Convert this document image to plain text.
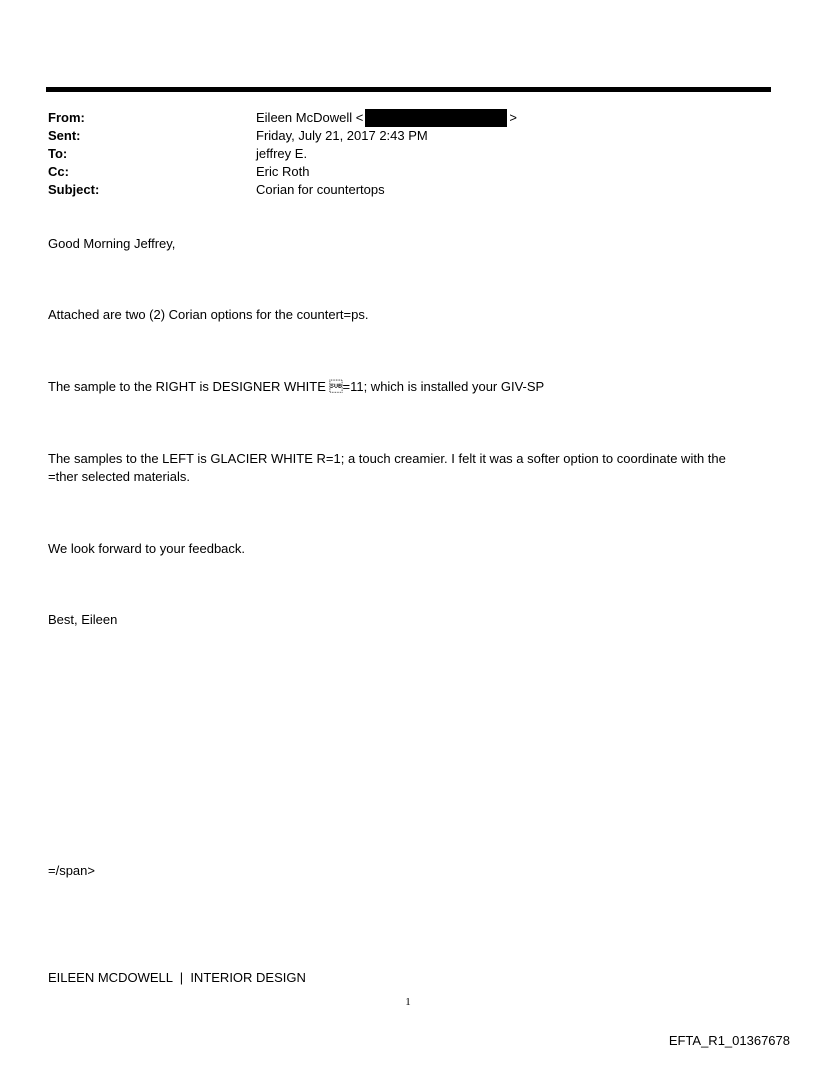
From:	Eileen McDowell <	>
Sent:	Friday, July 21, 2017 2:43 PM
To:	jeffrey E.
Cc:	Eric Roth
Subject:	Corian for countertops
Good Morning Jeffrey,
Attached are two (2) Corian options for the countert=ps.
The sample to the RIGHT is DESIGNER WHITE =11; which is installed your GIV-SP
The samples to the LEFT is GLACIER WHITE R=1; a touch creamier. I felt it was a softer option to coordinate with the =ther selected materials.
We look forward to your feedback.
Best, Eileen
=/span>
EILEEN MCDOWELL  |  INTERIOR DESIGN
1
EFTA_R1_01367678
